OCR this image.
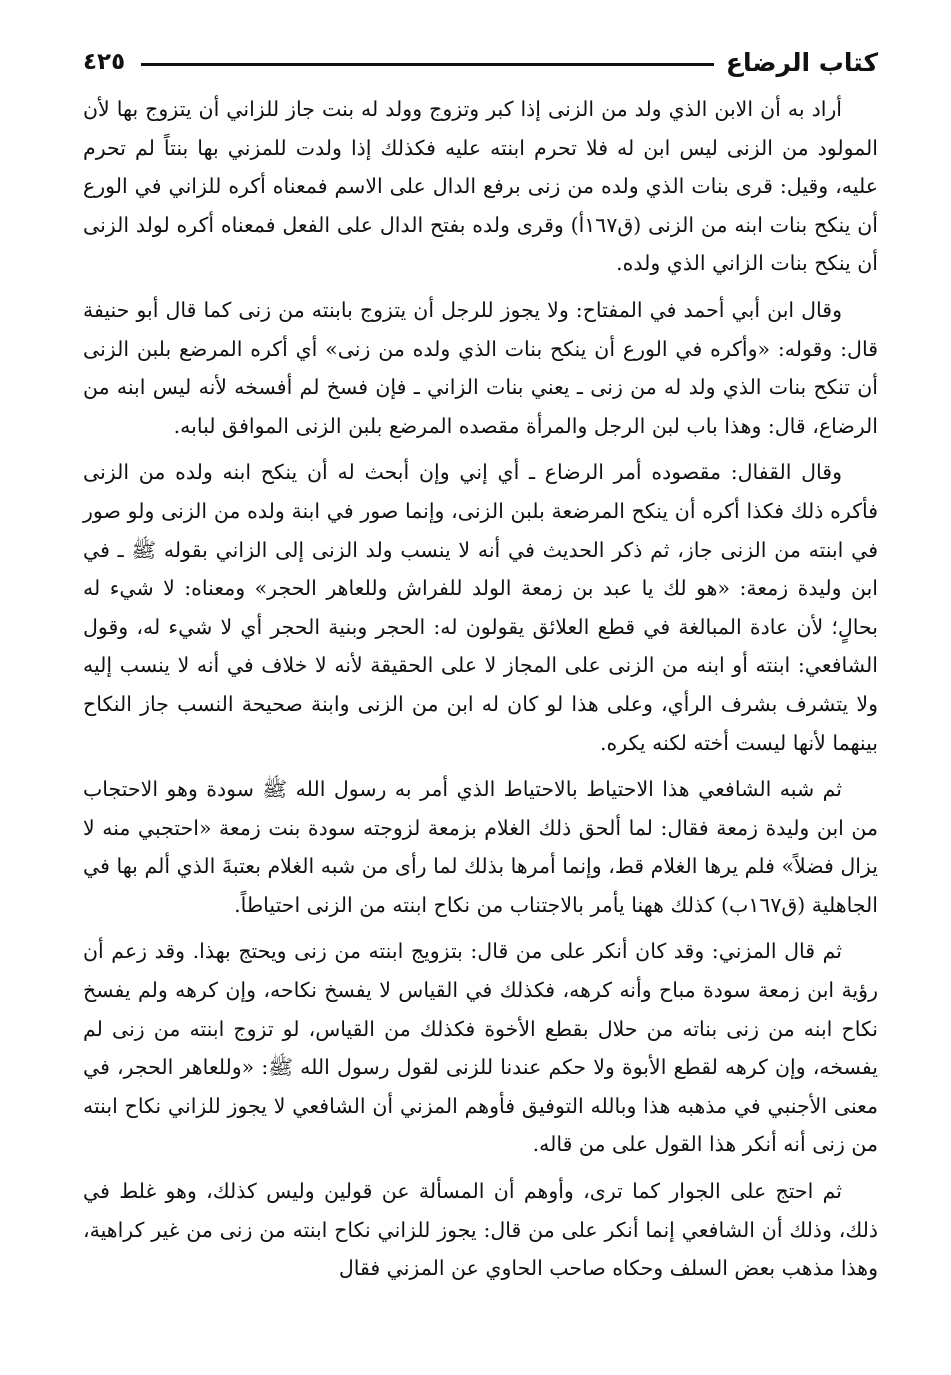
كتاب الرضاع
٤٢٥

أراد به أن الابن الذي ولد من الزنى إذا كبر وتزوج وولد له بنت جاز للزاني أن يتزوج بها لأن المولود من الزنى ليس ابن له فلا تحرم ابنته عليه فكذلك إذا ولدت للمزني بها بنتاً لم تحرم عليه، وقيل: قرى بنات الذي ولده من زنى برفع الدال على الاسم فمعناه أكره للزاني في الورع أن ينكح بنات ابنه من الزنى (ق١٦٧أ) وقرى ولده بفتح الدال على الفعل فمعناه أكره لولد الزنى أن ينكح بنات الزاني الذي ولده.

وقال ابن أبي أحمد في المفتاح: ولا يجوز للرجل أن يتزوج بابنته من زنى كما قال أبو حنيفة قال: وقوله: «وأكره في الورع أن ينكح بنات الذي ولده من زنى» أي أكره المرضع بلبن الزنى أن تنكح بنات الذي ولد له من زنى ـ يعني بنات الزاني ـ فإن فسخ لم أفسخه لأنه ليس ابنه من الرضاع، قال: وهذا باب لبن الرجل والمرأة مقصده المرضع بلبن الزنى الموافق لبابه.

وقال القفال: مقصوده أمر الرضاع ـ أي إني وإن أبحث له أن ينكح ابنه ولده من الزنى فأكره ذلك فكذا أكره أن ينكح المرضعة بلبن الزنى، وإنما صور في ابنة ولده من الزنى ولو صور في ابنته من الزنى جاز، ثم ذكر الحديث في أنه لا ينسب ولد الزنى إلى الزاني بقوله ﷺ ـ في ابن وليدة زمعة: «هو لك يا عبد بن زمعة الولد للفراش وللعاهر الحجر» ومعناه: لا شيء له بحالٍ؛ لأن عادة المبالغة في قطع العلائق يقولون له: الحجر وبنية الحجر أي لا شيء له، وقول الشافعي: ابنته أو ابنه من الزنى على المجاز لا على الحقيقة لأنه لا خلاف في أنه لا ينسب إليه ولا يتشرف بشرف الرأي، وعلى هذا لو كان له ابن من الزنى وابنة صحيحة النسب جاز النكاح بينهما لأنها ليست أخته لكنه يكره.

ثم شبه الشافعي هذا الاحتياط بالاحتياط الذي أمر به رسول الله ﷺ سودة وهو الاحتجاب من ابن وليدة زمعة فقال: لما ألحق ذلك الغلام بزمعة لزوجته سودة بنت زمعة «احتجبي منه لا يزال فضلاً» فلم يرها الغلام قط، وإنما أمرها بذلك لما رأى من شبه الغلام بعتبةَ الذي ألم بها في الجاهلية (ق١٦٧ب) كذلك ههنا يأمر بالاجتناب من نكاح ابنته من الزنى احتياطاً.

ثم قال المزني: وقد كان أنكر على من قال: بتزويج ابنته من زنى ويحتج بهذا. وقد زعم أن رؤية ابن زمعة سودة مباح وأنه كرهه، فكذلك في القياس لا يفسخ نكاحه، وإن كرهه ولم يفسخ نكاح ابنه من زنى بناته من حلال بقطع الأخوة فكذلك من القياس، لو تزوج ابنته من زنى لم يفسخه، وإن كرهه لقطع الأبوة ولا حكم عندنا للزنى لقول رسول الله ﷺ: «وللعاهر الحجر، في معنى الأجنبي في مذهبه هذا وبالله التوفيق فأوهم المزني أن الشافعي لا يجوز للزاني نكاح ابنته من زنى أنه أنكر هذا القول على من قاله.

ثم احتج على الجوار كما ترى، وأوهم أن المسألة عن قولين وليس كذلك، وهو غلط في ذلك، وذلك أن الشافعي إنما أنكر على من قال: يجوز للزاني نكاح ابنته من زنى من غير كراهية، وهذا مذهب بعض السلف وحكاه صاحب الحاوي عن المزني فقال
